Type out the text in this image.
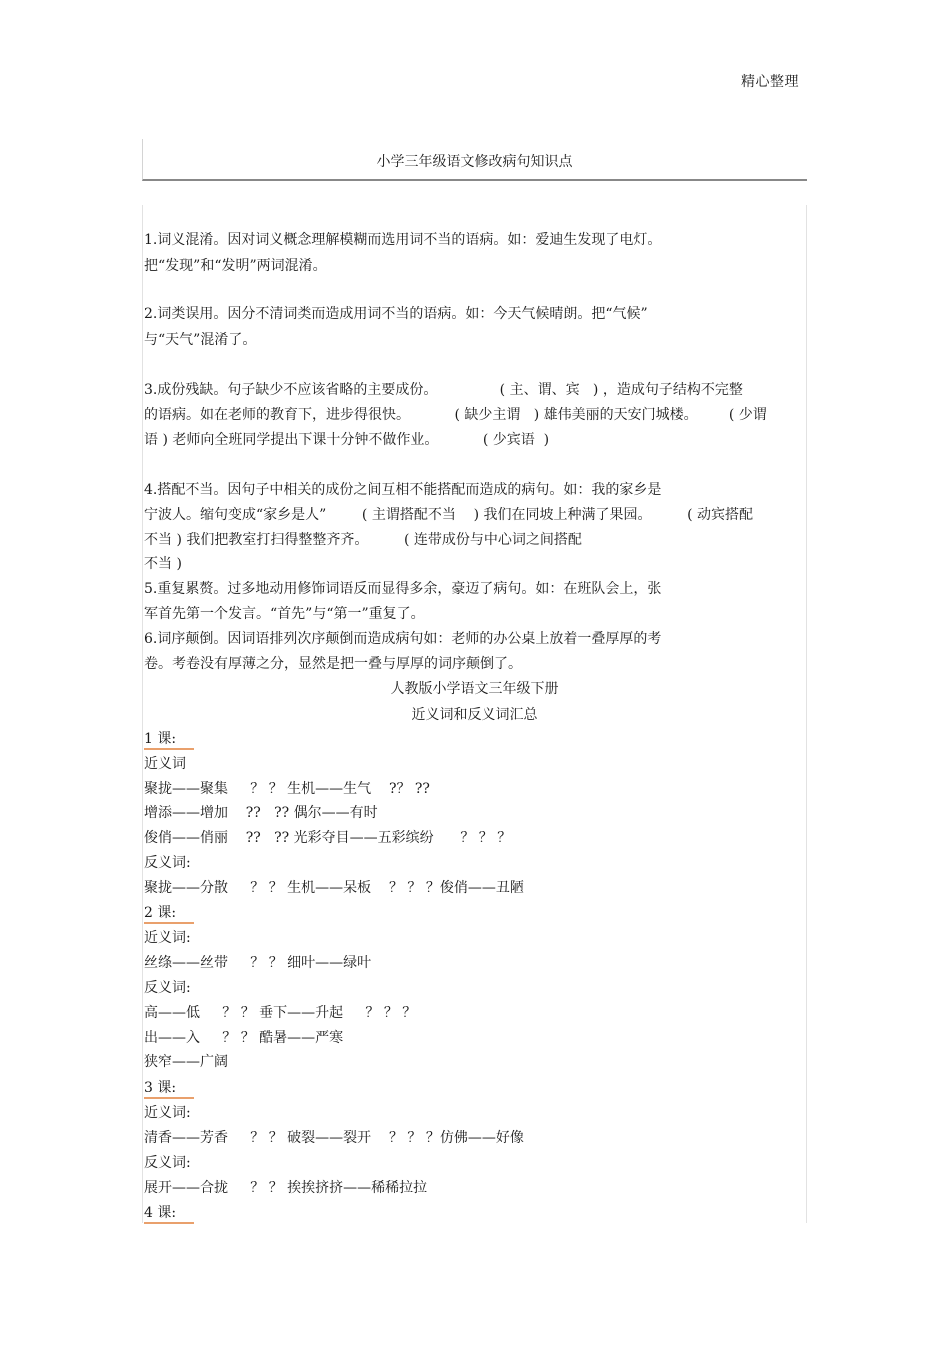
精心整理
小学三年级语文修改病句知识点
1.词义混淆。因对词义概念理解模糊而选用词不当的语病。如：爱迪生发现了电灯。
把“发现”和“发明”两词混淆。
2.词类误用。因分不清词类而造成用词不当的语病。如：今天气候晴朗。把“气候”
与“天气”混淆了。
3.成份残缺。句子缺少不应该省略的主要成份。              ( 主、谓、宾   ) ，造成句子结构不完整
的语病。如在老师的教育下，进步得很快。          ( 缺少主谓   ) 雄伟美丽的天安门城楼。       ( 少谓
语 ) 老师向全班同学提出下课十分钟不做作业。          ( 少宾语  )
4.搭配不当。因句子中相关的成份之间互相不能搭配而造成的病句。如：我的家乡是
宁波人。缩句变成“家乡是人”        ( 主谓搭配不当    ) 我们在同坡上种满了果园。        ( 动宾搭配
不当 ) 我们把教室打扫得整整齐齐。        ( 连带成份与中心词之间搭配
不当 )
5.重复累赘。过多地动用修饰词语反而显得多余，豪迈了病句。如：在班队会上，张
军首先第一个发言。“首先”与“第一”重复了。
6.词序颠倒。因词语排列次序颠倒而造成病句如：老师的办公桌上放着一叠厚厚的考
卷。考卷没有厚薄之分，显然是把一叠与厚厚的词序颠倒了。
人教版小学语文三年级下册
近义词和反义词汇总
1 课:
近义词
聚拢——聚集     ？ ？ 生机——生气    ?？ ??
增添——增加    ??   ?? 偶尔——有时
俊俏——俏丽    ??   ?? 光彩夺目——五彩缤纷      ？ ？ ？
反义词:
聚拢——分散     ？ ？ 生机——呆板    ？ ？ ？俊俏——丑陋
2 课:
近义词:
丝绦——丝带     ？ ？ 细叶——绿叶
反义词:
高——低     ？ ？ 垂下——升起     ？ ？ ？
出——入     ？ ？ 酷暑——严寒
狭窄——广阔
3 课:
近义词:
清香——芳香     ？ ？ 破裂——裂开    ？ ？ ？仿佛——好像
反义词:
展开——合拢     ？ ？ 挨挨挤挤——稀稀拉拉
4 课:
